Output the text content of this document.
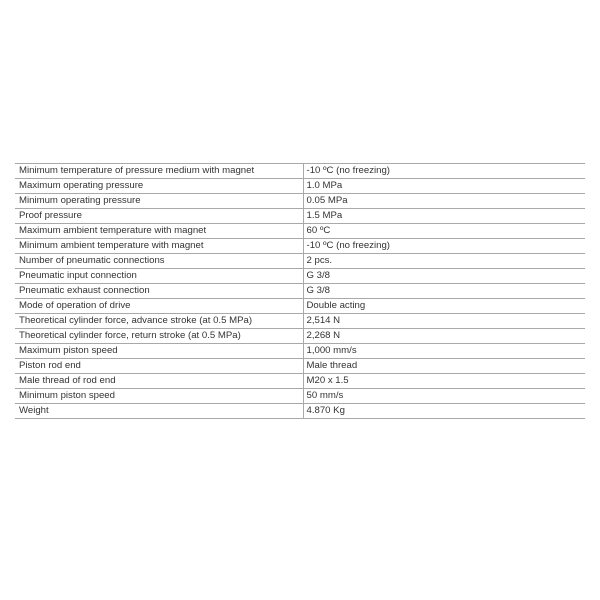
Minimum temperature of pressure medium with magnet	-10 ºC (no freezing)
Maximum operating pressure	1.0 MPa
Minimum operating pressure	0.05 MPa
Proof pressure	1.5 MPa
Maximum ambient temperature with magnet	60 ºC
Minimum ambient temperature with magnet	-10 ºC (no freezing)
Number of pneumatic connections	2 pcs.
Pneumatic input connection	G 3/8
Pneumatic exhaust connection	G 3/8
Mode of operation of drive	Double acting
Theoretical cylinder force, advance stroke (at 0.5 MPa)	2,514 N
Theoretical cylinder force, return stroke (at 0.5 MPa)	2,268 N
Maximum piston speed	1,000 mm/s
Piston rod end	Male thread
Male thread of rod end	M20 x 1.5
Minimum piston speed	50 mm/s
Weight	4.870 Kg
